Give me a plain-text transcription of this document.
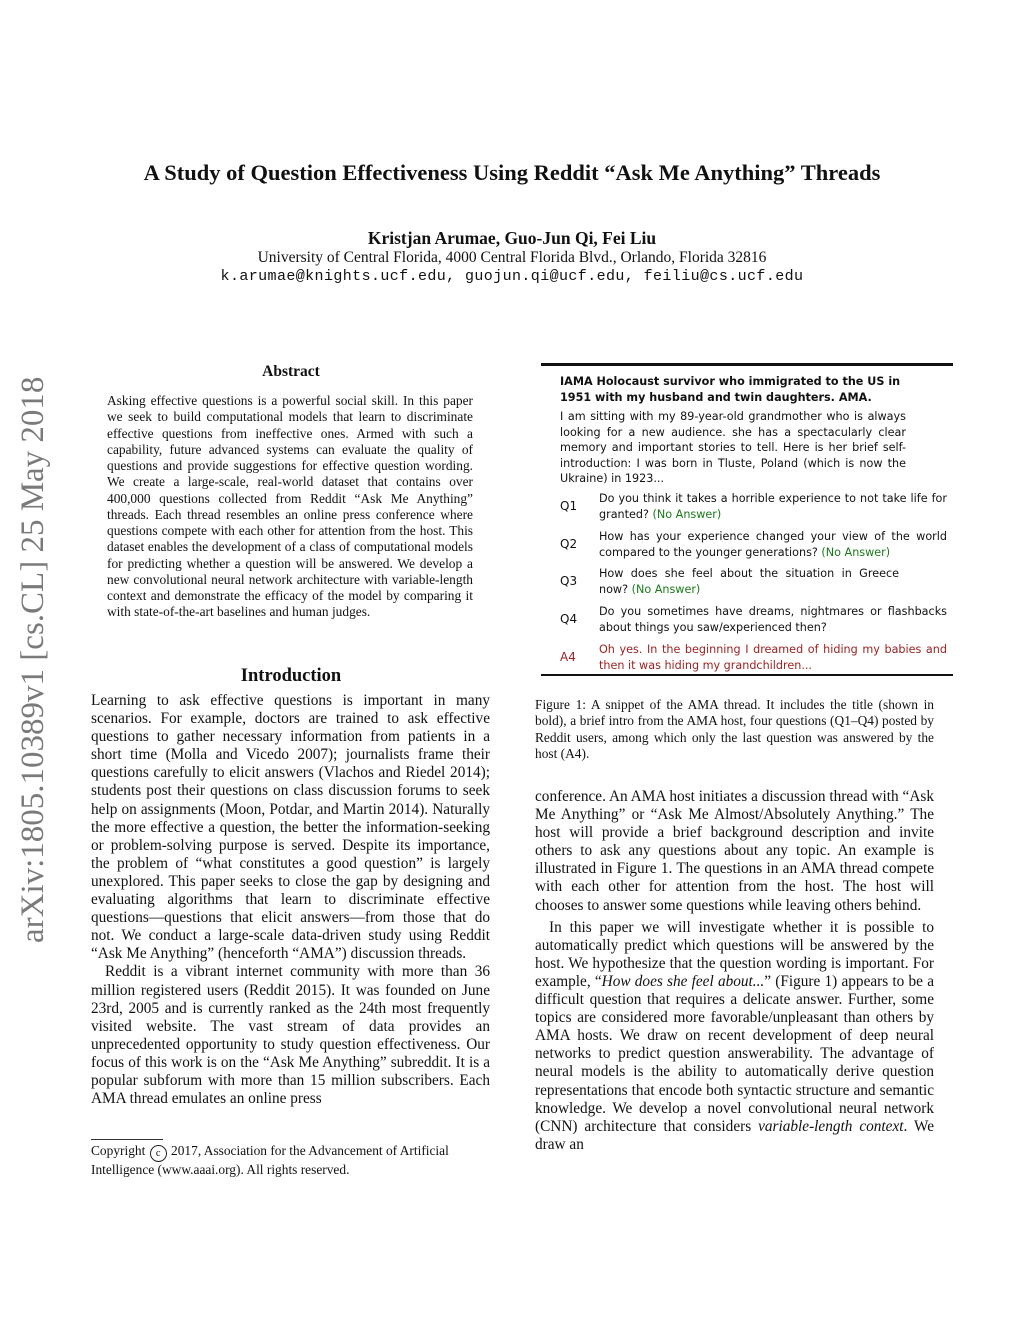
A Study of Question Effectiveness Using Reddit “Ask Me Anything” Threads
Kristjan Arumae, Guo-Jun Qi, Fei Liu
University of Central Florida, 4000 Central Florida Blvd., Orlando, Florida 32816
k.arumae@knights.ucf.edu, guojun.qi@ucf.edu, feiliu@cs.ucf.edu
arXiv:1805.10389v1 [cs.CL] 25 May 2018
Abstract
Asking effective questions is a powerful social skill. In this paper we seek to build computational models that learn to discriminate effective questions from ineffective ones. Armed with such a capability, future advanced systems can evaluate the quality of questions and provide suggestions for effective question wording. We create a large-scale, real-world dataset that contains over 400,000 questions collected from Reddit “Ask Me Anything” threads. Each thread resembles an online press conference where questions compete with each other for attention from the host. This dataset enables the development of a class of computational models for predicting whether a question will be answered. We develop a new convolutional neural network architecture with variable-length context and demonstrate the efficacy of the model by comparing it with state-of-the-art baselines and human judges.
Introduction

Learning to ask effective questions is important in many scenarios. For example, doctors are trained to ask effective questions to gather necessary information from patients in a short time (Molla and Vicedo 2007); journalists frame their questions carefully to elicit answers (Vlachos and Riedel 2014); students post their questions on class discussion forums to seek help on assignments (Moon, Potdar, and Martin 2014). Naturally the more effective a question, the better the information-seeking or problem-solving purpose is served. Despite its importance, the problem of “what constitutes a good question” is largely unexplored. This paper seeks to close the gap by designing and evaluating algorithms that learn to discriminate effective questions—questions that elicit answers—from those that do not. We conduct a large-scale data-driven study using Reddit “Ask Me Anything” (henceforth “AMA”) discussion threads.

Reddit is a vibrant internet community with more than 36 million registered users (Reddit 2015). It was founded on June 23rd, 2005 and is currently ranked as the 24th most frequently visited website. The vast stream of data provides an unprecedented opportunity to study question effectiveness. Our focus of this work is on the “Ask Me Anything” subreddit. It is a popular subforum with more than 15 million subscribers. Each AMA thread emulates an online press

Copyright c 2017, Association for the Advancement of Artificial Intelligence (www.aaai.org). All rights reserved.
IAMA Holocaust survivor who immigrated to the US in 1951 with my husband and twin daughters. AMA.
I am sitting with my 89-year-old grandmother who is always looking for a new audience. she has a spectacularly clear memory and important stories to tell. Here is her brief self-introduction: I was born in Tluste, Poland (which is now the Ukraine) in 1923...
Q1
Do you think it takes a horrible experience to not take life for granted? (No Answer)
Q2
How has your experience changed your view of the world compared to the younger generations? (No Answer)
Q3
How does she feel about the situation in Greece now? (No Answer)
Q4
Do you sometimes have dreams, nightmares or flashbacks about things you saw/experienced then?
A4
Oh yes. In the beginning I dreamed of hiding my babies and then it was hiding my grandchildren...
Figure 1: A snippet of the AMA thread. It includes the title (shown in bold), a brief intro from the AMA host, four questions (Q1–Q4) posted by Reddit users, among which only the last question was answered by the host (A4).

conference. An AMA host initiates a discussion thread with “Ask Me Anything” or “Ask Me Almost/Absolutely Anything.” The host will provide a brief background description and invite others to ask any questions about any topic. An example is illustrated in Figure 1. The questions in an AMA thread compete with each other for attention from the host. The host will chooses to answer some questions while leaving others behind.

In this paper we will investigate whether it is possible to automatically predict which questions will be answered by the host. We hypothesize that the question wording is important. For example, “How does she feel about...” (Figure 1) appears to be a difficult question that requires a delicate answer. Further, some topics are considered more favorable/unpleasant than others by AMA hosts. We draw on recent development of deep neural networks to predict question answerability. The advantage of neural models is the ability to automatically derive question representations that encode both syntactic structure and semantic knowledge. We develop a novel convolutional neural network (CNN) architecture that considers variable-length context. We draw an
